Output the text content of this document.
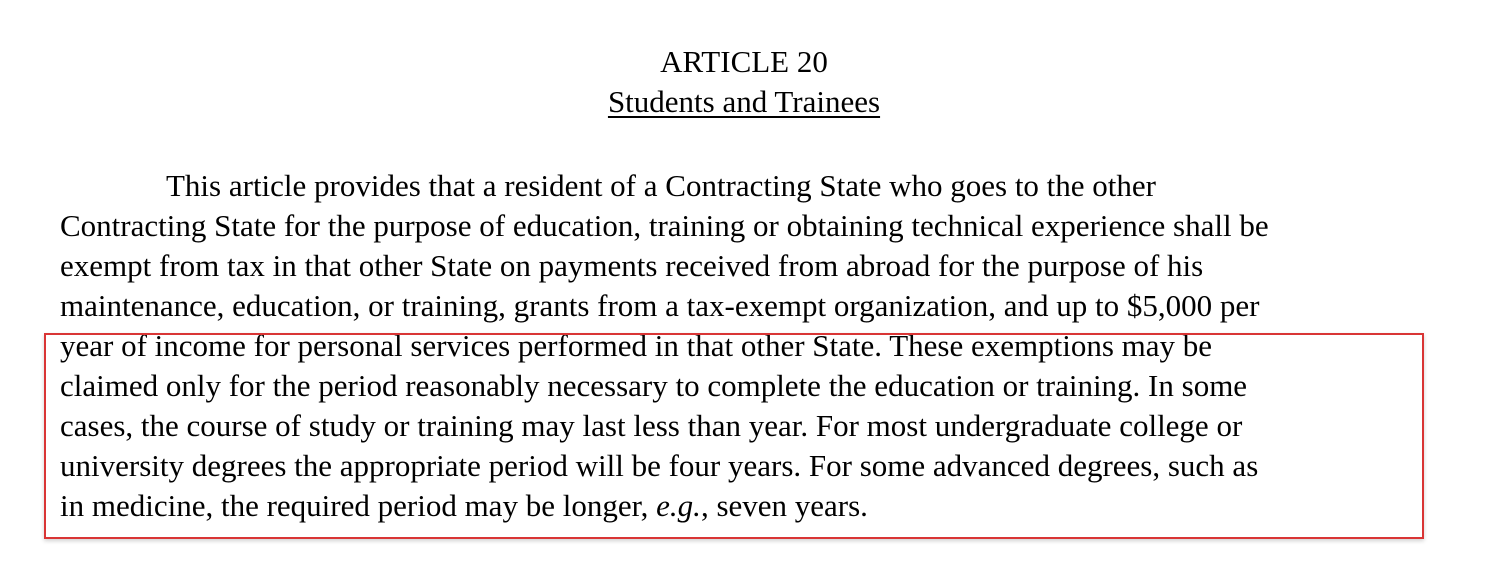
ARTICLE 20
Students and Trainees
This article provides that a resident of a Contracting State who goes to the other
Contracting State for the purpose of education, training or obtaining technical experience shall be
exempt from tax in that other State on payments received from abroad for the purpose of his
maintenance, education, or training, grants from a tax-exempt organization, and up to $5,000 per
year of income for personal services performed in that other State. These exemptions may be
claimed only for the period reasonably necessary to complete the education or training. In some
cases, the course of study or training may last less than year. For most undergraduate college or
university degrees the appropriate period will be four years. For some advanced degrees, such as
in medicine, the required period may be longer, e.g., seven years.
